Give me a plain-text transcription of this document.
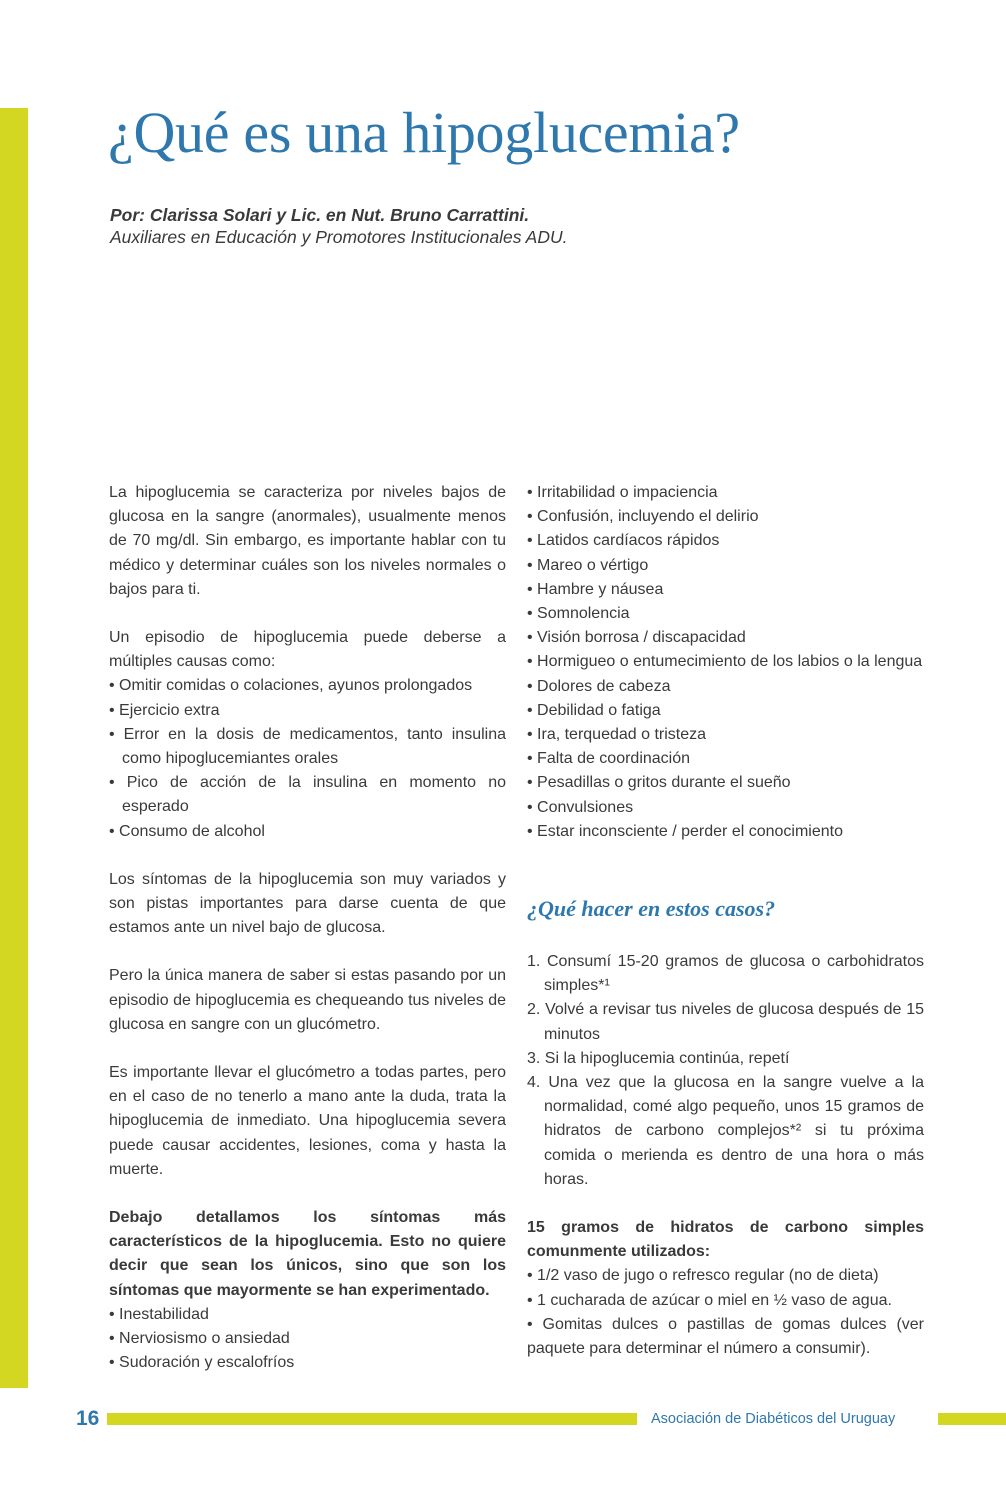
¿Qué es una hipoglucemia?
Por: Clarissa Solari y Lic. en Nut. Bruno Carrattini.
Auxiliares en Educación y Promotores Institucionales ADU.

La hipoglucemia se caracteriza por niveles bajos de glucosa en la sangre (anormales), usualmente menos de 70 mg/dl. Sin embargo, es importante hablar con tu médico y determinar cuáles son los niveles normales o bajos para ti.

Un episodio de hipoglucemia puede deberse a múltiples causas como:

• Omitir comidas o colaciones, ayunos prolongados
• Ejercicio extra
• Error en la dosis de medicamentos, tanto insulina como hipoglucemiantes orales
• Pico de acción de la insulina en momento no esperado
• Consumo de alcohol

Los síntomas de la hipoglucemia son muy variados y son pistas importantes para darse cuenta de que estamos ante un nivel bajo de glucosa.

Pero la única manera de saber si estas pasando por un episodio de hipoglucemia es chequeando tus niveles de glucosa en sangre con un glucómetro.

Es importante llevar el glucómetro a todas partes, pero en el caso de no tenerlo a mano ante la duda, trata la hipoglucemia de inmediato. Una hipoglucemia severa puede causar accidentes, lesiones, coma y hasta la muerte.

Debajo detallamos los síntomas más característicos de la hipoglucemia. Esto no quiere decir que sean los únicos, sino que son los síntomas que mayormente se han experimentado.

• Inestabilidad
• Nerviosismo o ansiedad
• Sudoración y escalofríos
• Irritabilidad o impaciencia
• Confusión, incluyendo el delirio
• Latidos cardíacos rápidos
• Mareo o vértigo
• Hambre y náusea
• Somnolencia
• Visión borrosa / discapacidad
• Hormigueo o entumecimiento de los labios o la lengua
• Dolores de cabeza
• Debilidad o fatiga
• Ira, terquedad o tristeza
• Falta de coordinación
• Pesadillas o gritos durante el sueño
• Convulsiones
• Estar inconsciente / perder el conocimiento
¿Qué hacer en estos casos?
1. Consumí 15-20 gramos de glucosa o carbohidratos simples*¹
2. Volvé a revisar tus niveles de glucosa después de 15 minutos
3. Si la hipoglucemia continúa, repetí
4. Una vez que la glucosa en la sangre vuelve a la normalidad, comé algo pequeño, unos 15 gramos de hidratos de carbono complejos*² si tu próxima comida o merienda es dentro de una hora o más horas.

15 gramos de hidratos de carbono simples comunmente utilizados:

• 1/2 vaso de jugo o refresco regular (no de dieta)
• 1 cucharada de azúcar o miel en ½ vaso de agua.
• Gomitas dulces o pastillas de gomas dulces (ver paquete para determinar el número a consumir).
16	Asociación de Diabéticos del Uruguay
